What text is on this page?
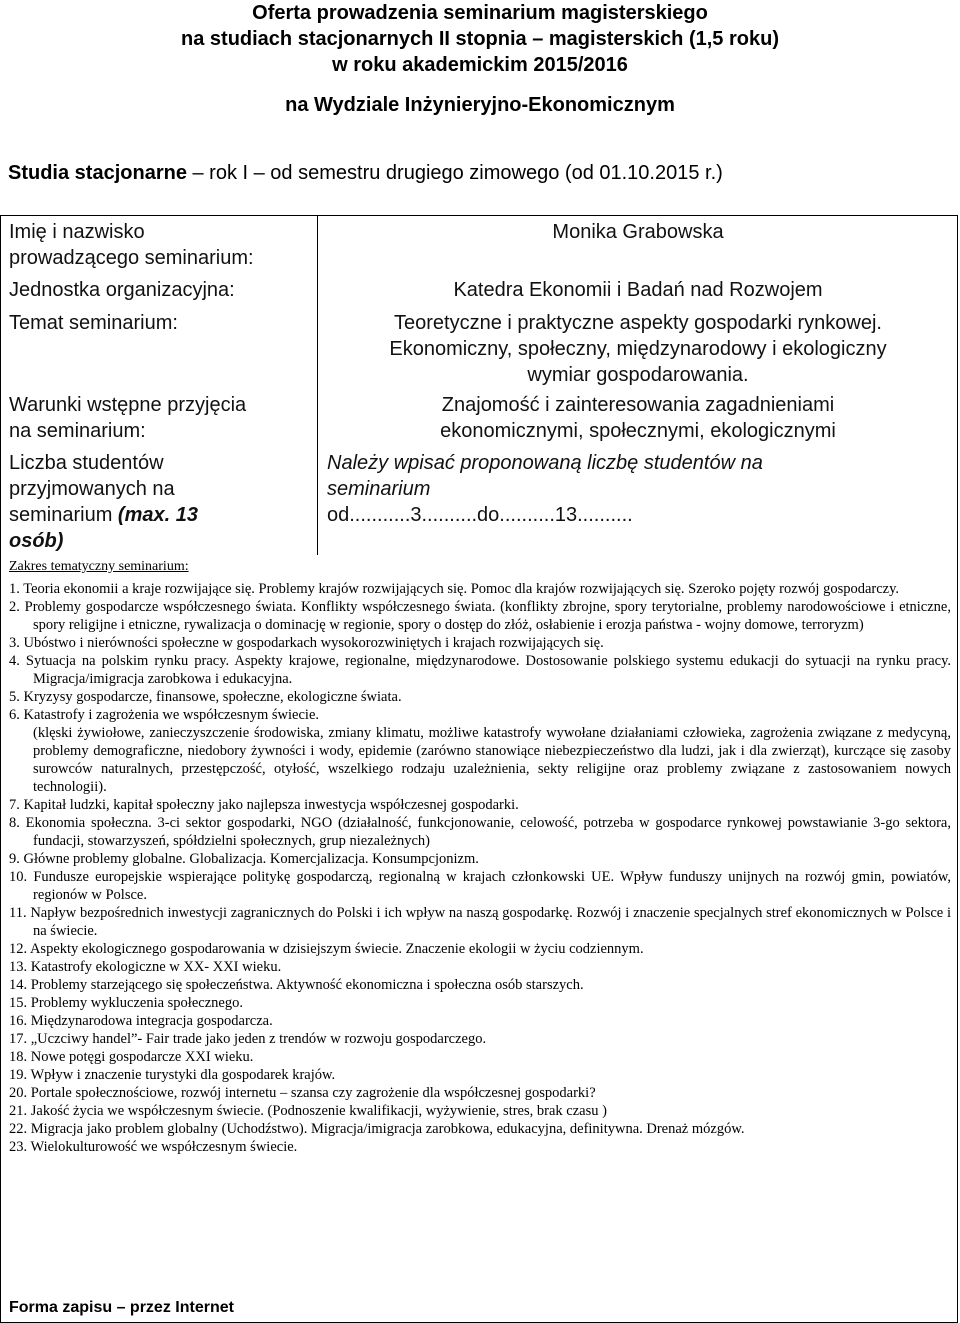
Oferta prowadzenia seminarium magisterskiego
na studiach stacjonarnych II stopnia – magisterskich (1,5 roku)
w roku akademickim 2015/2016
na Wydziale Inżynieryjno-Ekonomicznym
Studia stacjonarne – rok I – od semestru drugiego zimowego (od 01.10.2015 r.)
Imię i nazwisko
prowadzącego seminarium:
Jednostka organizacyjna:
Temat seminarium:
Warunki wstępne przyjęcia
na seminarium:
Liczba studentów
przyjmowanych na
seminarium (max. 13
osób)
Monika Grabowska
Katedra Ekonomii i Badań nad Rozwojem
Teoretyczne i praktyczne aspekty gospodarki rynkowej.
Ekonomiczny, społeczny, międzynarodowy i ekologiczny
wymiar gospodarowania.
Znajomość i zainteresowania zagadnieniami
ekonomicznymi, społecznymi, ekologicznymi
Należy wpisać proponowaną liczbę studentów na
seminarium
od...........3..........do..........13..........
Zakres tematyczny seminarium:
1. Teoria ekonomii a kraje rozwijające się. Problemy krajów rozwijających się. Pomoc dla krajów rozwijających się. Szeroko pojęty rozwój gospodarczy.
2. Problemy gospodarcze współczesnego świata. Konflikty współczesnego świata. (konflikty zbrojne, spory terytorialne, problemy narodowościowe i etniczne, spory religijne i etniczne, rywalizacja o dominację w regionie, spory o dostęp do złóż, osłabienie i erozja państwa - wojny domowe, terroryzm)
3. Ubóstwo i nierówności społeczne w gospodarkach wysokorozwiniętych i krajach rozwijających się.
4. Sytuacja na polskim rynku pracy. Aspekty krajowe, regionalne, międzynarodowe. Dostosowanie polskiego systemu edukacji do sytuacji na rynku pracy. Migracja/imigracja zarobkowa i edukacyjna.
5. Kryzysy gospodarcze, finansowe, społeczne, ekologiczne świata.
6. Katastrofy i zagrożenia we współczesnym świecie.
(klęski żywiołowe, zanieczyszczenie środowiska, zmiany klimatu, możliwe katastrofy wywołane działaniami człowieka, zagrożenia związane z medycyną, problemy demograficzne, niedobory żywności i wody, epidemie (zarówno stanowiące niebezpieczeństwo dla ludzi, jak i dla zwierząt), kurczące się zasoby surowców naturalnych, przestępczość, otyłość, wszelkiego rodzaju uzależnienia, sekty religijne oraz problemy związane z zastosowaniem nowych technologii).
7. Kapitał ludzki, kapitał społeczny jako najlepsza inwestycja współczesnej gospodarki.
8. Ekonomia społeczna. 3-ci sektor gospodarki, NGO (działalność, funkcjonowanie, celowość, potrzeba w gospodarce rynkowej powstawianie 3-go sektora, fundacji, stowarzyszeń, spółdzielni społecznych, grup niezależnych)
9. Główne problemy globalne. Globalizacja. Komercjalizacja. Konsumpcjonizm.
10. Fundusze europejskie wspierające politykę gospodarczą, regionalną w krajach członkowski UE. Wpływ funduszy unijnych na rozwój gmin, powiatów, regionów w Polsce.
11. Napływ bezpośrednich inwestycji zagranicznych do Polski i ich wpływ na naszą gospodarkę. Rozwój i znaczenie specjalnych stref ekonomicznych w Polsce i na świecie.
12. Aspekty ekologicznego gospodarowania w dzisiejszym świecie. Znaczenie ekologii w życiu codziennym.
13. Katastrofy ekologiczne w XX- XXI wieku.
14. Problemy starzejącego się społeczeństwa. Aktywność ekonomiczna i społeczna osób starszych.
15. Problemy wykluczenia społecznego.
16. Międzynarodowa integracja gospodarcza.
17. „Uczciwy handel”- Fair trade jako jeden z trendów w rozwoju gospodarczego.
18. Nowe potęgi gospodarcze XXI wieku.
19. Wpływ i znaczenie turystyki dla gospodarek krajów.
20. Portale społecznościowe, rozwój internetu – szansa czy zagrożenie dla współczesnej gospodarki?
21. Jakość życia we współczesnym świecie. (Podnoszenie kwalifikacji, wyżywienie, stres, brak czasu )
22. Migracja jako problem globalny (Uchodźstwo). Migracja/imigracja zarobkowa, edukacyjna, definitywna. Drenaż mózgów.
23. Wielokulturowość we współczesnym świecie.
Forma zapisu – przez Internet
